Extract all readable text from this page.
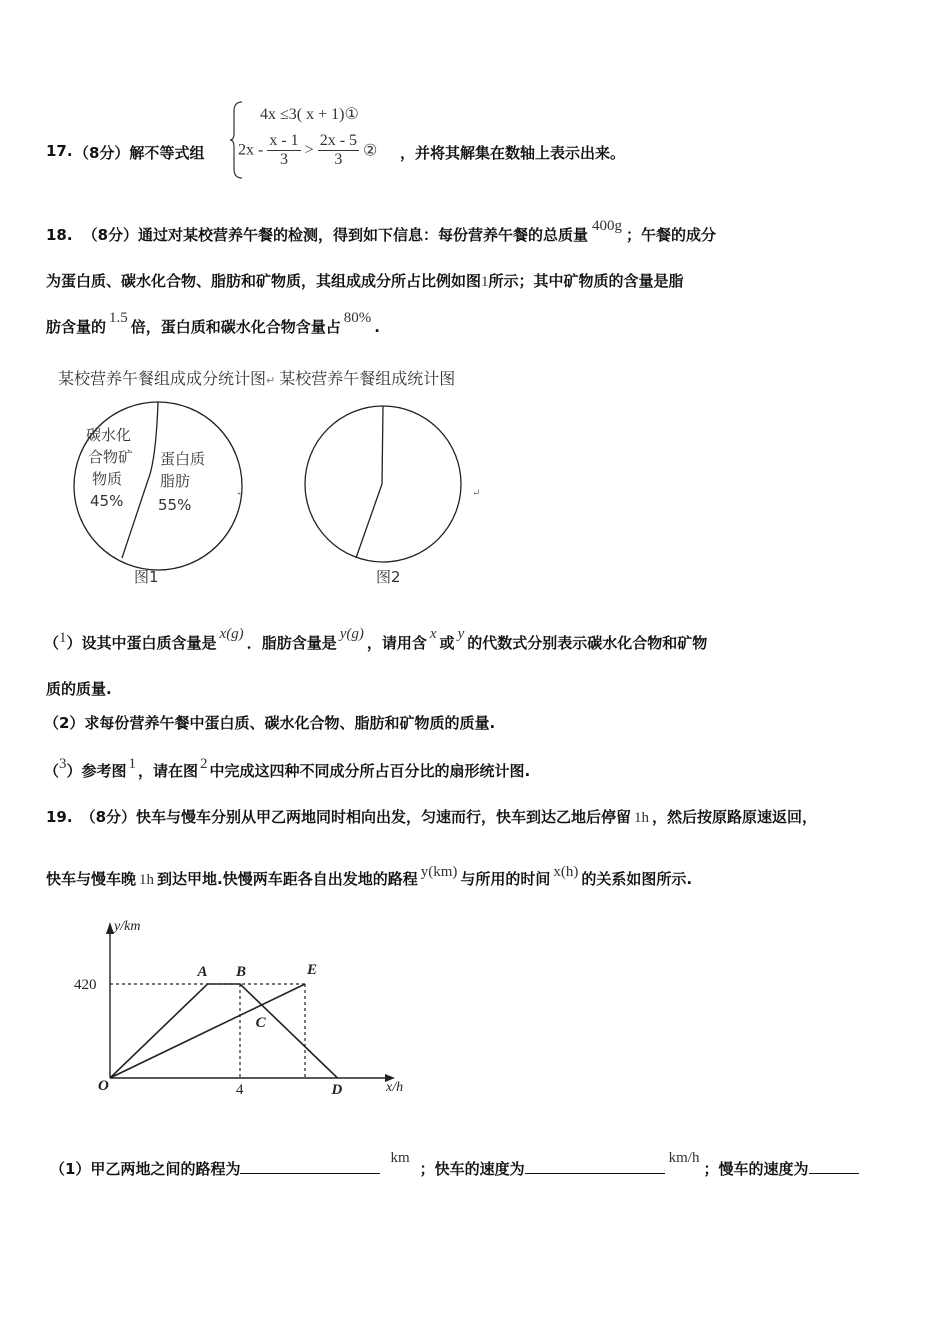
17. （8分）解不等式组
4x ≤3( x + 1)①
$2x - \frac{x - 1}{3} > \frac{2x - 5}{3}$ ② ，并将其解集在数轴上表示出来。
18. （8分）通过对某校营养午餐的检测，得到如下信息：每份营养午餐的总质量 400g ；午餐的成分
为蛋白质、碳水化合物、脂肪和矿物质，其组成成分所占比例如图1所示；其中矿物质的含量是脂
肪含量的 1.5 倍，蛋白质和碳水化合物含量占 80% .
某校营养午餐组成成分统计图↵ 某校营养午餐组成统计图
碳水化
合物矿
物质
45%
蛋白质
脂肪
55%
↵
图1
↵
图2
（1）设其中蛋白质含量是 x(g) ．脂肪含量是 y(g) ，请用含 x 或 y 的代数式分别表示碳水化合物和矿物
质的质量.
（2）求每份营养午餐中蛋白质、碳水化合物、脂肪和矿物质的质量.
（3）参考图 1 ，请在图 2 中完成这四种不同成分所占百分比的扇形统计图.
19. （8分）快车与慢车分别从甲乙两地同时相向出发，匀速而行，快车到达乙地后停留 1h ，然后按原路原速返回，
快车与慢车晚 1h 到达甲地.快慢两车距各自出发地的路程 y(km) 与所用的时间 x(h) 的关系如图所示.
y/km
x/h
O
420
4
A B	E
C
D
（1）甲乙两地之间的路程为km；快车的速度为km/h；慢车的速度为
